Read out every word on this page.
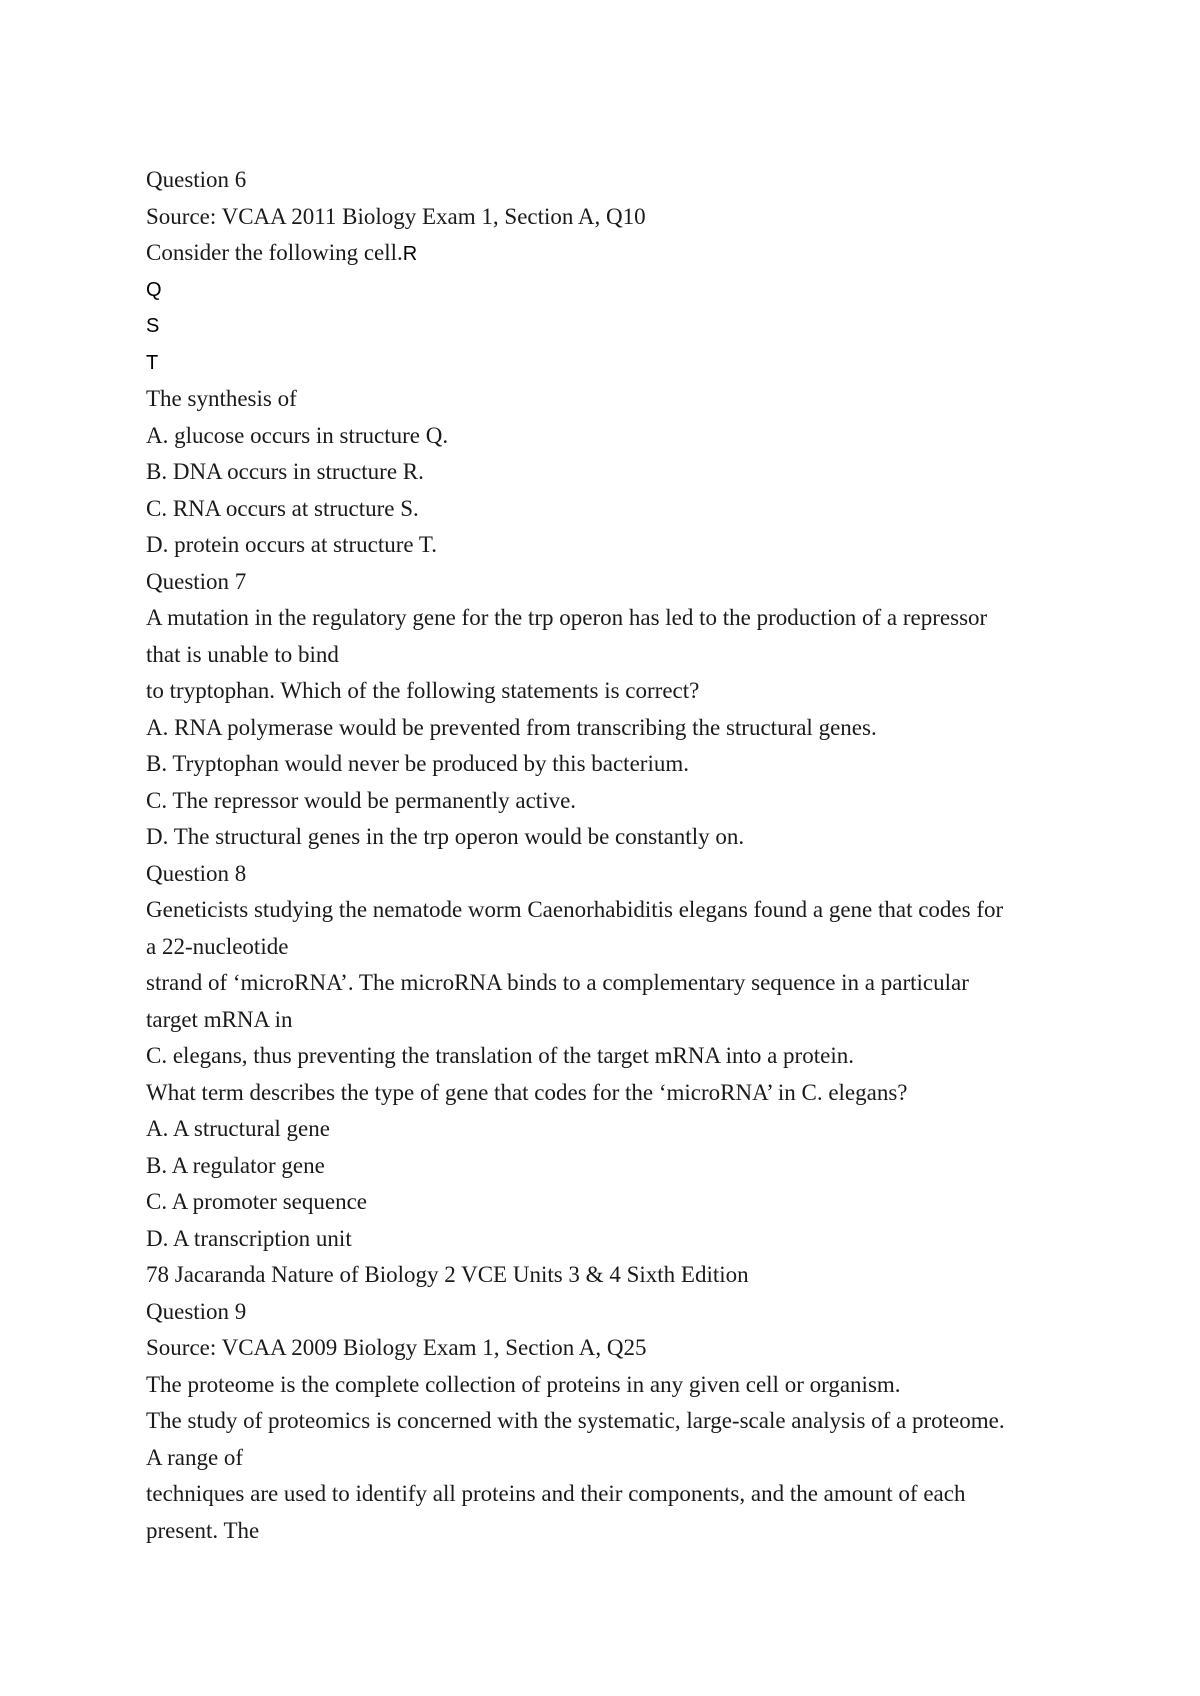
Question 6
Source: VCAA 2011 Biology Exam 1, Section A, Q10
Consider the following cell.R
Q
S
T
The synthesis of
A. glucose occurs in structure Q.
B. DNA occurs in structure R.
C. RNA occurs at structure S.
D. protein occurs at structure T.
Question 7
A mutation in the regulatory gene for the trp operon has led to the production of a repressor
that is unable to bind
to tryptophan. Which of the following statements is correct?
A. RNA polymerase would be prevented from transcribing the structural genes.
B. Tryptophan would never be produced by this bacterium.
C. The repressor would be permanently active.
D. The structural genes in the trp operon would be constantly on.
Question 8
Geneticists studying the nematode worm Caenorhabiditis elegans found a gene that codes for
a 22-nucleotide
strand of ‘microRNA’. The microRNA binds to a complementary sequence in a particular
target mRNA in
C. elegans, thus preventing the translation of the target mRNA into a protein.
What term describes the type of gene that codes for the ‘microRNA’ in C. elegans?
A. A structural gene
B. A regulator gene
C. A promoter sequence
D. A transcription unit
78 Jacaranda Nature of Biology 2 VCE Units 3 & 4 Sixth Edition
Question 9
Source: VCAA 2009 Biology Exam 1, Section A, Q25
The proteome is the complete collection of proteins in any given cell or organism.
The study of proteomics is concerned with the systematic, large-scale analysis of a proteome.
A range of
techniques are used to identify all proteins and their components, and the amount of each
present. The
